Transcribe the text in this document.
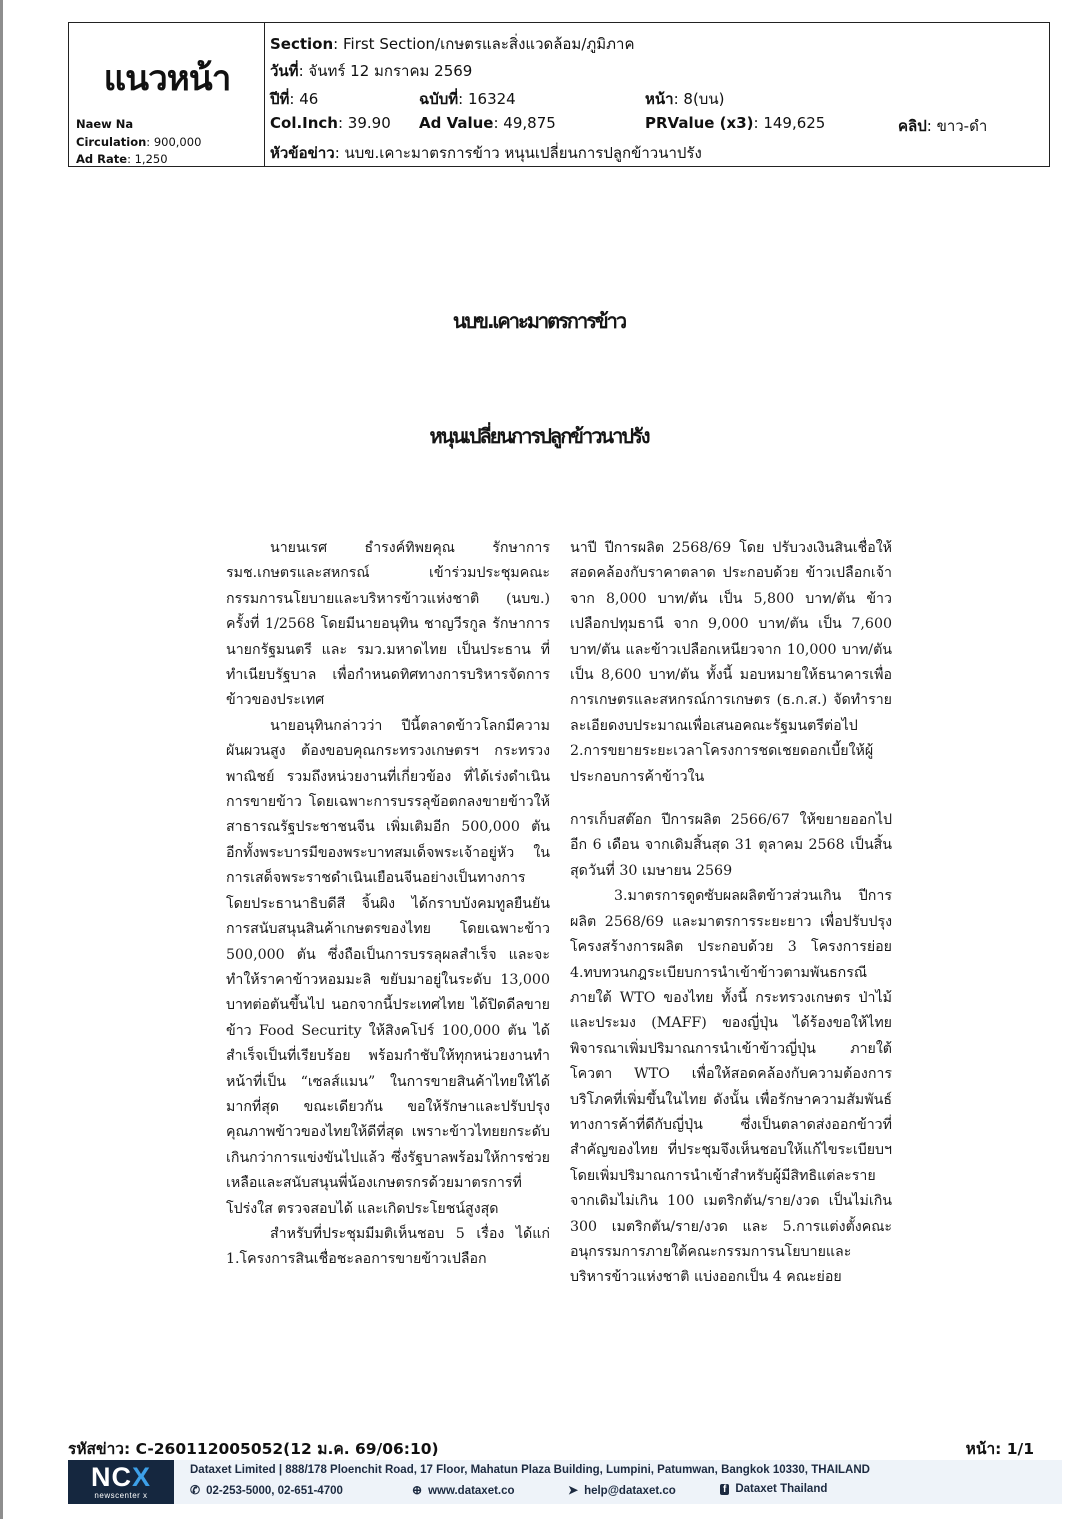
แนวหน้า
Naew Na
Circulation: 900,000
Ad Rate: 1,250
Section: First Section/เกษตรและสิ่งแวดล้อม/ภูมิภาค
วันที่: จันทร์ 12 มกราคม 2569
ปีที่: 46	ฉบับที่: 16324	หน้า: 8(บน)
Col.Inch: 39.90 Ad Value: 49,875	PRValue (x3): 149,625	คลิป: ขาว-ดำ
หัวข้อข่าว: นบข.เคาะมาตรการข้าว หนุนเปลี่ยนการปลูกข้าวนาปรัง
นบข.เคาะมาตรการข้าว
หนุนเปลี่ยนการปลูกข้าวนาปรัง

นายนเรศ ธำรงค์ทิพยคุณ รักษาการ รมช.เกษตรและสหกรณ์ เข้าร่วมประชุมคณะกรรมการนโยบายและบริหารข้าวแห่งชาติ (นบข.) ครั้งที่ 1/2568 โดยมีนายอนุทิน ชาญวีรกูล รักษาการนายกรัฐมนตรี และ รมว.มหาดไทย เป็นประธาน ที่ทำเนียบรัฐบาล เพื่อกำหนดทิศทางการบริหารจัดการข้าวของประเทศ

นายอนุทินกล่าวว่า ปีนี้ตลาดข้าวโลกมีความผันผวนสูง ต้องขอบคุณกระทรวงเกษตรฯ กระทรวงพาณิชย์ รวมถึงหน่วยงานที่เกี่ยวข้อง ที่ได้เร่งดำเนินการขายข้าว โดยเฉพาะการบรรลุข้อตกลงขายข้าวให้สาธารณรัฐประชาชนจีน เพิ่มเติมอีก 500,000 ตัน อีกทั้งพระบารมีของพระบาทสมเด็จพระเจ้าอยู่หัว ในการเสด็จพระราชดำเนินเยือนจีนอย่างเป็นทางการ โดยประธานาธิบดีสี จิ้นผิง ได้กราบบังคมทูลยืนยันการสนับสนุนสินค้าเกษตรของไทย โดยเฉพาะข้าว 500,000 ตัน ซึ่งถือเป็นการบรรลุผลสำเร็จ และจะทำให้ราคาข้าวหอมมะลิ ขยับมาอยู่ในระดับ 13,000 บาทต่อตันขึ้นไป นอกจากนี้ประเทศไทย ได้ปิดดีลขายข้าว Food Security ให้สิงคโปร์ 100,000 ตัน ได้สำเร็จเป็นที่เรียบร้อย พร้อมกำชับให้ทุกหน่วยงานทำหน้าที่เป็น “เซลส์แมน” ในการขายสินค้าไทยให้ได้มากที่สุด ขณะเดียวกัน ขอให้รักษาและปรับปรุงคุณภาพข้าวของไทยให้ดีที่สุด เพราะข้าวไทยยกระดับเกินกว่าการแข่งขันไปแล้ว ซึ่งรัฐบาลพร้อมให้การช่วยเหลือและสนับสนุนพี่น้องเกษตรกรด้วยมาตรการที่โปร่งใส ตรวจสอบได้ และเกิดประโยชน์สูงสุด

สำหรับที่ประชุมมีมติเห็นชอบ 5 เรื่อง ได้แก่ 1.โครงการสินเชื่อชะลอการขายข้าวเปลือก

นาปี ปีการผลิต 2568/69 โดย ปรับวงเงินสินเชื่อให้สอดคล้องกับราคาตลาด ประกอบด้วย ข้าวเปลือกเจ้า จาก 8,000 บาท/ตัน เป็น 5,800 บาท/ตัน ข้าวเปลือกปทุมธานี จาก 9,000 บาท/ตัน เป็น 7,600 บาท/ตัน และข้าวเปลือกเหนียวจาก 10,000 บาท/ตัน เป็น 8,600 บาท/ตัน ทั้งนี้ มอบหมายให้ธนาคารเพื่อการเกษตรและสหกรณ์การเกษตร (ธ.ก.ส.) จัดทำรายละเอียดงบประมาณเพื่อเสนอคณะรัฐมนตรีต่อไป 2.การขยายระยะเวลาโครงการชดเชยดอกเบี้ยให้ผู้ประกอบการค้าข้าวใน

การเก็บสต๊อก ปีการผลิต 2566/67 ให้ขยายออกไปอีก 6 เดือน จากเดิมสิ้นสุด 31 ตุลาคม 2568 เป็นสิ้นสุดวันที่ 30 เมษายน 2569

3.มาตรการดูดซับผลผลิตข้าวส่วนเกิน ปีการผลิต 2568/69 และมาตรการระยะยาว เพื่อปรับปรุงโครงสร้างการผลิต ประกอบด้วย 3 โครงการย่อย 4.ทบทวนกฎระเบียบการนำเข้าข้าวตามพันธกรณีภายใต้ WTO ของไทย ทั้งนี้ กระทรวงเกษตร ป่าไม้ และประมง (MAFF) ของญี่ปุ่น ได้ร้องขอให้ไทยพิจารณาเพิ่มปริมาณการนำเข้าข้าวญี่ปุ่น ภายใต้โควตา WTO เพื่อให้สอดคล้องกับความต้องการบริโภคที่เพิ่มขึ้นในไทย ดังนั้น เพื่อรักษาความสัมพันธ์ทางการค้าที่ดีกับญี่ปุ่น ซึ่งเป็นตลาดส่งออกข้าวที่สำคัญของไทย ที่ประชุมจึงเห็นชอบให้แก้ไขระเบียบฯ โดยเพิ่มปริมาณการนำเข้าสำหรับผู้มีสิทธิแต่ละราย จากเดิมไม่เกิน 100 เมตริกตัน/ราย/งวด เป็นไม่เกิน 300 เมตริกตัน/ราย/งวด และ 5.การแต่งตั้งคณะอนุกรรมการภายใต้คณะกรรมการนโยบายและบริหารข้าวแห่งชาติ แบ่งออกเป็น 4 คณะย่อย

รหัสข่าว: C-260112005052(12 ม.ค. 69/06:10)	หน้า: 1/1
NCX
newscenter x
Dataxet Limited | 888/178 Ploenchit Road, 17 Floor, Mahatun Plaza Building, Lumpini, Patumwan, Bangkok 10330, THAILAND
✆ 02-253-5000, 02-651-4700	⊕ www.dataxet.co	➤ help@dataxet.co	f Dataxet Thailand
